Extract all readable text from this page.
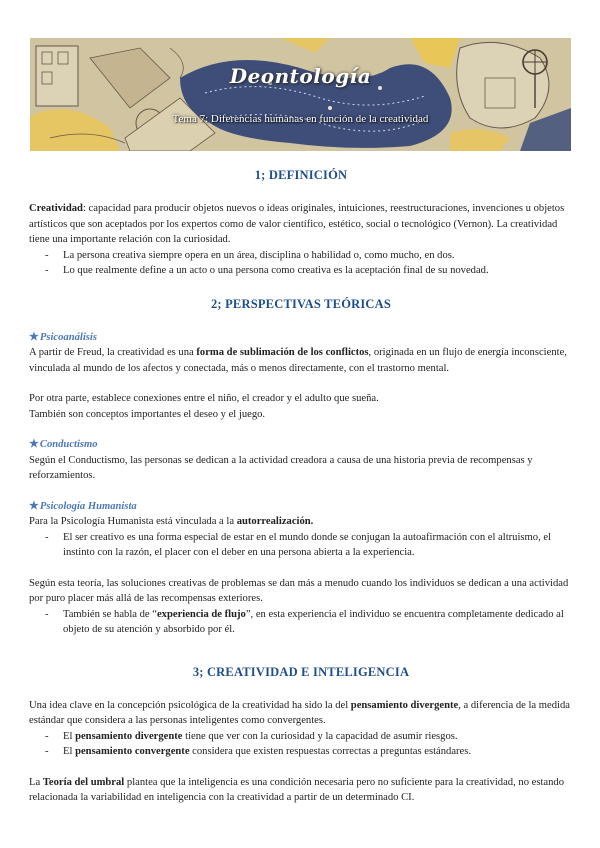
Deontología

Tema 7: Diferencias humanas en función de la creatividad

1; DEFINICIÓN

Creatividad: capacidad para producir objetos nuevos o ideas originales, intuiciones, reestructuraciones, invenciones u objetos artísticos que son aceptados por los expertos como de valor científico, estético, social o tecnológico (Vernon). La creatividad tiene una importante relación con la curiosidad.

- La persona creativa siempre opera en un área, disciplina o habilidad o, como mucho, en dos.
- Lo que realmente define a un acto o una persona como creativa es la aceptación final de su novedad.
2; PERSPECTIVAS TEÓRICAS

★Psicoanálisis

A partir de Freud, la creatividad es una forma de sublimación de los conflictos, originada en un flujo de energía inconsciente, vinculada al mundo de los afectos y conectada, más o menos directamente, con el trastorno mental.

Por otra parte, establece conexiones entre el niño, el creador y el adulto que sueña.

También son conceptos importantes el deseo y el juego.

★Conductismo

Según el Conductismo, las personas se dedican a la actividad creadora a causa de una historia previa de recompensas y reforzamientos.

★Psicología Humanista

Para la Psicología Humanista está vinculada a la autorrealización.

- El ser creativo es una forma especial de estar en el mundo donde se conjugan la autoafirmación con el altruismo, el instinto con la razón, el placer con el deber en una persona abierta a la experiencia.

Según esta teoría, las soluciones creativas de problemas se dan más a menudo cuando los individuos se dedican a una actividad por puro placer más allá de las recompensas exteriores.

- También se habla de “experiencia de flujo”, en esta experiencia el individuo se encuentra completamente dedicado al objeto de su atención y absorbido por él.
3; CREATIVIDAD E INTELIGENCIA

Una idea clave en la concepción psicológica de la creatividad ha sido la del pensamiento divergente, a diferencia de la medida estándar que considera a las personas inteligentes como convergentes.

- El pensamiento divergente tiene que ver con la curiosidad y la capacidad de asumir riesgos.
- El pensamiento convergente considera que existen respuestas correctas a preguntas estándares.

La Teoría del umbral plantea que la inteligencia es una condición necesaria pero no suficiente para la creatividad, no estando relacionada la variabilidad en inteligencia con la creatividad a partir de un determinado CI.
